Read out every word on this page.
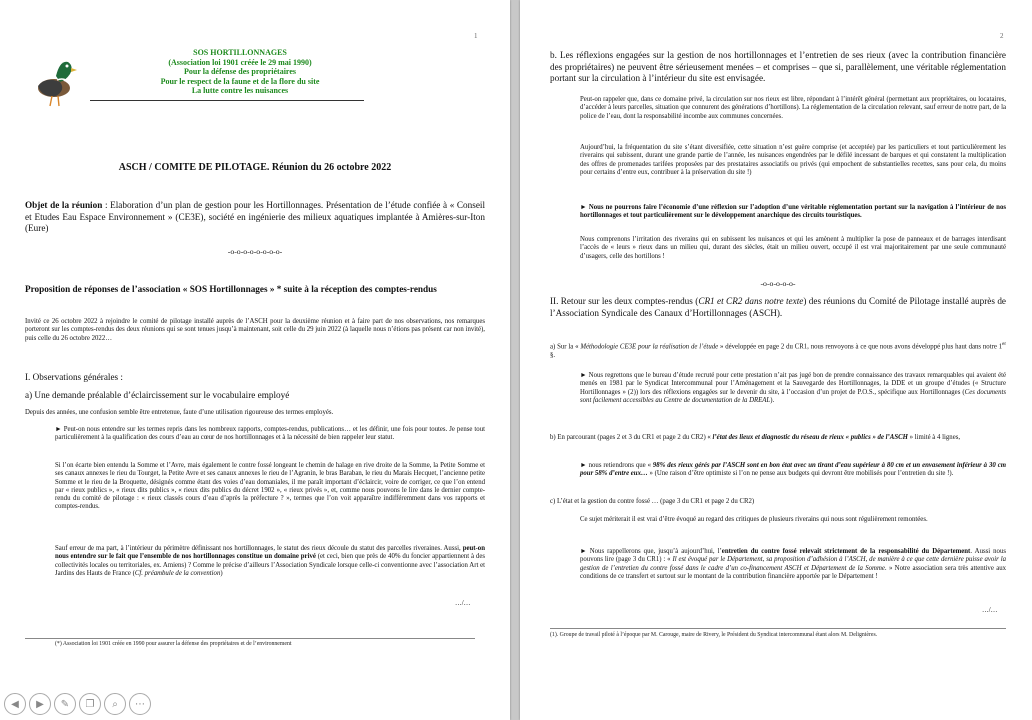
1
SOS HORTILLONNAGES
(Association loi 1901 créée le 29 mai 1990)
Pour la défense des propriétaires
Pour le respect de la faune et de la flore du site
La lutte contre les nuisances
ASCH / COMITE DE PILOTAGE. Réunion du 26 octobre 2022
Objet de la réunion : Elaboration d’un plan de gestion pour les Hortillonnages. Présentation de l’étude confiée à « Conseil et Etudes Eau Espace Environnement » (CE3E), société en ingénierie des milieux aquatiques implantée à Amières-sur-Iton (Eure)
-o-o-o-o-o-o-o-o-
Proposition de réponses de l’association « SOS Hortillonnages » * suite à la réception des comptes-rendus
Invité ce 26 octobre 2022 à rejoindre le comité de pilotage installé auprès de l’ASCH pour la deuxième réunion et à faire part de nos observations, nos remarques porteront sur les comptes-rendus des deux réunions qui se sont tenues jusqu’à maintenant, soit celle du 29 juin 2022 (à laquelle nous n’étions pas présent car non invité), puis celle du 26 octobre 2022…
I. Observations générales :
a) Une demande préalable d’éclaircissement sur le vocabulaire employé
Depuis des années, une confusion semble être entretenue, faute d’une utilisation rigoureuse des termes employés.
► Peut-on nous entendre sur les termes repris dans les nombreux rapports, comptes-rendus, publications… et les définir, une fois pour toutes. Je pense tout particulièrement à la qualification des cours d’eau au cœur de nos hortillonnages et à la nécessité de bien rappeler leur statut.
Si l’on écarte bien entendu la Somme et l’Avre, mais également le contre fossé longeant le chemin de halage en rive droite de la Somme, la Petite Somme et ses canaux annexes le rieu du Tourget, la Petite Avre et ses canaux annexes le rieu de l’Agranin, le bras Baraban, le rieu du Marais Hecquet, l’ancienne petite Somme et le rieu de la Broquette, désignés comme étant des voies d’eau domaniales, il me paraît important d’éclaircir, voire de corriger, ce que l’on entend par « rieux publics », « rieux dits publics », « rieux dits publics du décret 1902 », « rieux privés », et, comme nous pouvons le lire dans le dernier compte-rendu du comité de pilotage : « rieux classés cours d’eau d’après la préfecture ? », termes que l’on voit apparaître indifféremment dans vos rapports et comptes-rendus.
Sauf erreur de ma part, à l’intérieur du périmètre définissant nos hortillonnages, le statut des rieux découle du statut des parcelles riveraines. Aussi, peut-on nous entendre sur le fait que l’ensemble de nos hortillonnages constitue un domaine privé (et ceci, bien que près de 40% du foncier appartiennent à des collectivités locales ou territoriales, ex. Amiens) ? Comme le précise d’ailleurs l’Association Syndicale lorsque celle-ci conventionne avec l’association Art et Jardins des Hauts de France (Cf. préambule de la convention)
…/…
(*) Association loi 1901 créée en 1990 pour assurer la défense des propriétaires et de l’environnement
2
b. Les réflexions engagées sur la gestion de nos hortillonnages et l’entretien de ses rieux (avec la contribution financière des propriétaires) ne peuvent être sérieusement menées – et comprises – que si, parallèlement, une véritable réglementation portant sur la circulation à l’intérieur du site est envisagée.
Peut-on rappeler que, dans ce domaine privé, la circulation sur nos rieux est libre, répondant à l’intérêt général (permettant aux propriétaires, ou locataires, d’accéder à leurs parcelles, situation que connurent des générations d’hortillons). La réglementation de la circulation relevant, sauf erreur de notre part, de la police de l’eau, dont la responsabilité incombe aux communes concernées.
Aujourd’hui, la fréquentation du site s’étant diversifiée, cette situation n’est guère comprise (et acceptée) par les particuliers et tout particulièrement les riverains qui subissent, durant une grande partie de l’année, les nuisances engendrées par le défilé incessant de barques et qui constatent la multiplication des offres de promenades tarifées proposées par des prestataires associatifs ou privés (qui empochent de substantielles recettes, sans pour cela, du moins pour certains d’entre eux, contribuer à la préservation du site !)
► Nous ne pourrons faire l’économie d’une réflexion sur l’adoption d’une véritable réglementation portant sur la navigation à l’intérieur de nos hortillonnages et tout particulièrement sur le développement anarchique des circuits touristiques.
Nous comprenons l’irritation des riverains qui en subissent les nuisances et qui les amènent à multiplier la pose de panneaux et de barrages interdisant l’accès de « leurs » rieux dans un milieu qui, durant des siècles, était un milieu ouvert, occupé il est vrai majoritairement par une seule communauté d’usagers, celle des hortillons !
-o-o-o-o-o-
II. Retour sur les deux comptes-rendus (CR1 et CR2 dans notre texte) des réunions du Comité de Pilotage installé auprès de l’Association Syndicale des Canaux d’Hortillonnages (ASCH).
a) Sur la « Méthodologie CE3E pour la réalisation de l’étude » développée en page 2 du CR1, nous renvoyons à ce que nous avons développé plus haut dans notre 1er §.
► Nous regrettons que le bureau d’étude recruté pour cette prestation n’ait pas jugé bon de prendre connaissance des travaux remarquables qui avaient été menés en 1981 par le Syndicat Intercommunal pour l’Aménagement et la Sauvegarde des Hortillonnages, la DDE et un groupe d’études (« Structure Hortillonnages » (2)) lors des réflexions engagées sur le devenir du site, à l’occasion d’un projet de P.O.S., spécifique aux Hortillonnages (Ces documents sont facilement accessibles au Centre de documentation de la DREAL).
b) En parcourant (pages 2 et 3 du CR1 et page 2 du CR2) « l’état des lieux et diagnostic du réseau de rieux « publics » de l’ASCH » limité à 4 lignes,
► nous retiendrons que « 98% des rieux gérés par l’ASCH sont en bon état avec un tirant d’eau supérieur à 80 cm et un envasement inférieur à 30 cm pour 58% d’entre eux… » (Une raison d’être optimiste si l’on ne pense aux budgets qui devront être mobilisés pour l’entretien du site !).
c) L’état et la gestion du contre fossé … (page 3 du CR1 et page 2 du CR2)
Ce sujet mériterait il est vrai d’être évoqué au regard des critiques de plusieurs riverains qui nous sont régulièrement remontées.
► Nous rappellerons que, jusqu’à aujourd’hui, l’entretien du contre fossé relevait strictement de la responsabilité du Département. Aussi nous pouvons lire (page 3 du CR1) : « Il est évoqué par le Département, sa proposition d’adhésion à l’ASCH, de manière à ce que cette dernière puisse avoir la gestion de l’entretien du contre fossé dans le cadre d’un co-financement ASCH et Département de la Somme. » Notre association sera très attentive aux conditions de ce transfert et surtout sur le montant de la contribution financière apportée par le Département !
…/…
(1). Groupe de travail piloté à l’époque par M. Carouge, maire de Rivery, le Président du Syndicat intercommunal étant alors M. Delignières.
◀	▶	✎	❐	⌕	⋯
